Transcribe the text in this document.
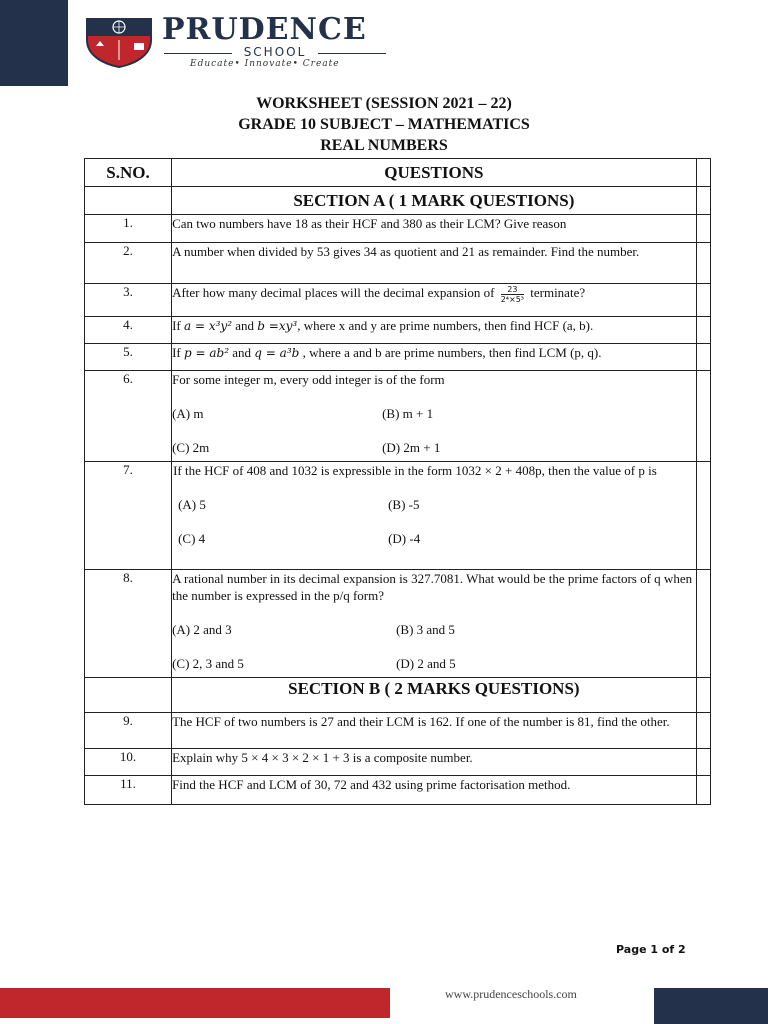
PRUDENCE
SCHOOL
Educate• Innovate• Create
WORKSHEET (SESSION 2021 – 22)
GRADE 10 SUBJECT – MATHEMATICS
REAL NUMBERS
S.NO.	QUESTIONS	
	SECTION A ( 1 MARK QUESTIONS)	
1.	Can two numbers have 18 as their HCF and 380 as their LCM? Give reason	
2.	A number when divided by 53 gives 34 as quotient and 21 as remainder. Find the number.	
3.	After how many decimal places will the decimal expansion of $\frac{23}{\text{2⁴×5³}}$ terminate?	
4.	If a = x³y² and b =xy³, where x and y are prime numbers, then find HCF (a, b).	
5.	If p = ab² and q = a³b , where a and b are prime numbers, then find LCM (p, q).	
6.	For some integer m, every odd integer is of the form
(A) m (B) m + 1
(C) 2m (D) 2m + 1	

7.	If the HCF of 408 and 1032 is expressible in the form 1032 × 2 + 408p, then the value of p is
(A) 5 (B) -5
(C) 4 (D) -4	

8.	A rational number in its decimal expansion is 327.7081. What would be the prime factors of q when the number is expressed in the p/q form?
(A) 2 and 3 (B) 3 and 5
(C) 2, 3 and 5 (D) 2 and 5	

	SECTION B ( 2 MARKS QUESTIONS)	
9.	The HCF of two numbers is 27 and their LCM is 162. If one of the number is 81, find the other.	
10.	Explain why 5 × 4 × 3 × 2 × 1 + 3 is a composite number.	
11.	Find the HCF and LCM of 30, 72 and 432 using prime factorisation method.	
Page 1 of 2
www.prudenceschools.com
